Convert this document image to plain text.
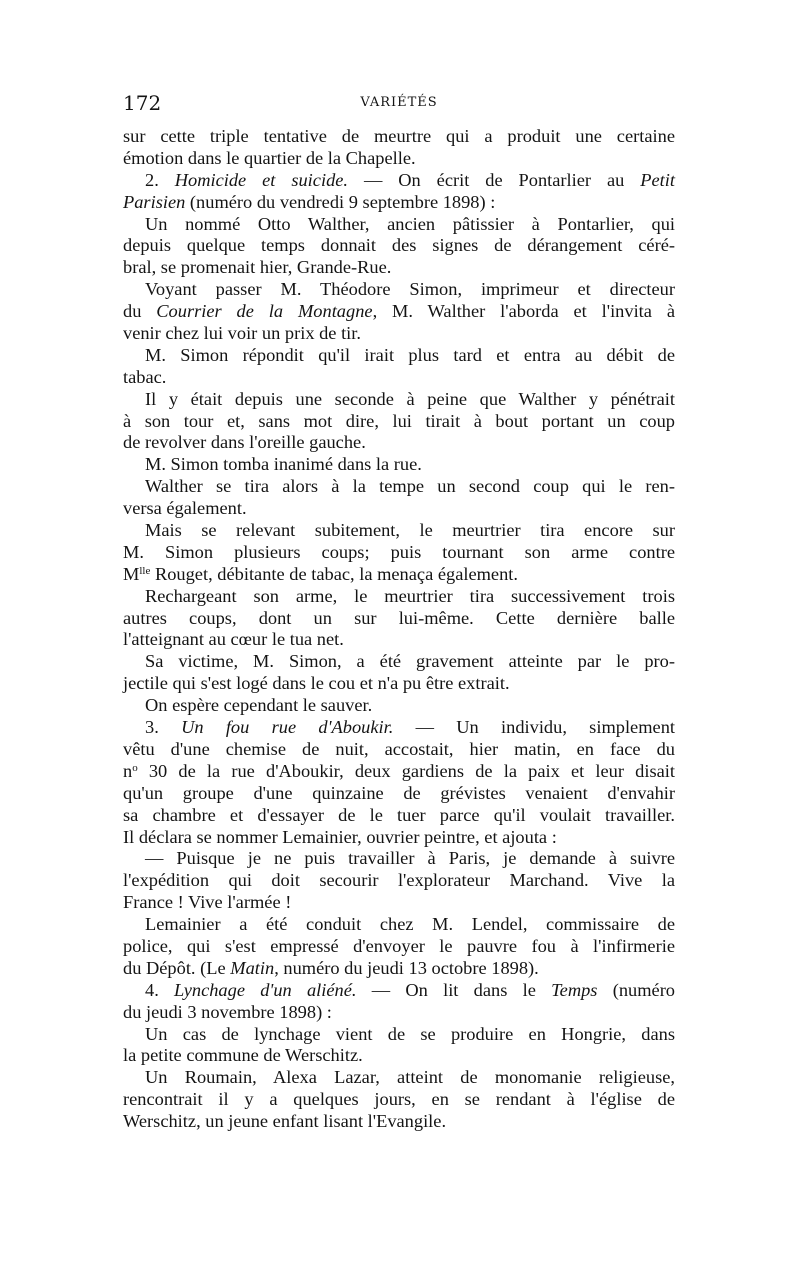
172	VARIÉTÉS
sur cette triple tentative de meurtre qui a produit une certaine
émotion dans le quartier de la Chapelle.
2. Homicide et suicide. — On écrit de Pontarlier au Petit
Parisien (numéro du vendredi 9 septembre 1898) :
Un nommé Otto Walther, ancien pâtissier à Pontarlier, qui
depuis quelque temps donnait des signes de dérangement céré-
bral, se promenait hier, Grande-Rue.
Voyant passer M. Théodore Simon, imprimeur et directeur
du Courrier de la Montagne, M. Walther l'aborda et l'invita à
venir chez lui voir un prix de tir.
M. Simon répondit qu'il irait plus tard et entra au débit de
tabac.
Il y était depuis une seconde à peine que Walther y pénétrait
à son tour et, sans mot dire, lui tirait à bout portant un coup
de revolver dans l'oreille gauche.
M. Simon tomba inanimé dans la rue.
Walther se tira alors à la tempe un second coup qui le ren-
versa également.
Mais se relevant subitement, le meurtrier tira encore sur
M. Simon plusieurs coups; puis tournant son arme contre
$M^{lle}$ Rouget, débitante de tabac, la menaça également.
Rechargeant son arme, le meurtrier tira successivement trois
autres coups, dont un sur lui-même. Cette dernière balle
l'atteignant au cœur le tua net.
Sa victime, M. Simon, a été gravement atteinte par le pro-
jectile qui s'est logé dans le cou et n'a pu être extrait.
On espère cependant le sauver.
3. Un fou rue d'Aboukir. — Un individu, simplement
vêtu d'une chemise de nuit, accostait, hier matin, en face du
$n^o$ 30 de la rue d'Aboukir, deux gardiens de la paix et leur disait
qu'un groupe d'une quinzaine de grévistes venaient d'envahir
sa chambre et d'essayer de le tuer parce qu'il voulait travailler.
Il déclara se nommer Lemainier, ouvrier peintre, et ajouta :
— Puisque je ne puis travailler à Paris, je demande à suivre
l'expédition qui doit secourir l'explorateur Marchand. Vive la
France ! Vive l'armée !
Lemainier a été conduit chez M. Lendel, commissaire de
police, qui s'est empressé d'envoyer le pauvre fou à l'infirmerie
du Dépôt. (Le Matin, numéro du jeudi 13 octobre 1898).
4. Lynchage d'un aliéné. — On lit dans le Temps (numéro
du jeudi 3 novembre 1898) :
Un cas de lynchage vient de se produire en Hongrie, dans
la petite commune de Werschitz.
Un Roumain, Alexa Lazar, atteint de monomanie religieuse,
rencontrait il y a quelques jours, en se rendant à l'église de
Werschitz, un jeune enfant lisant l'Evangile.
